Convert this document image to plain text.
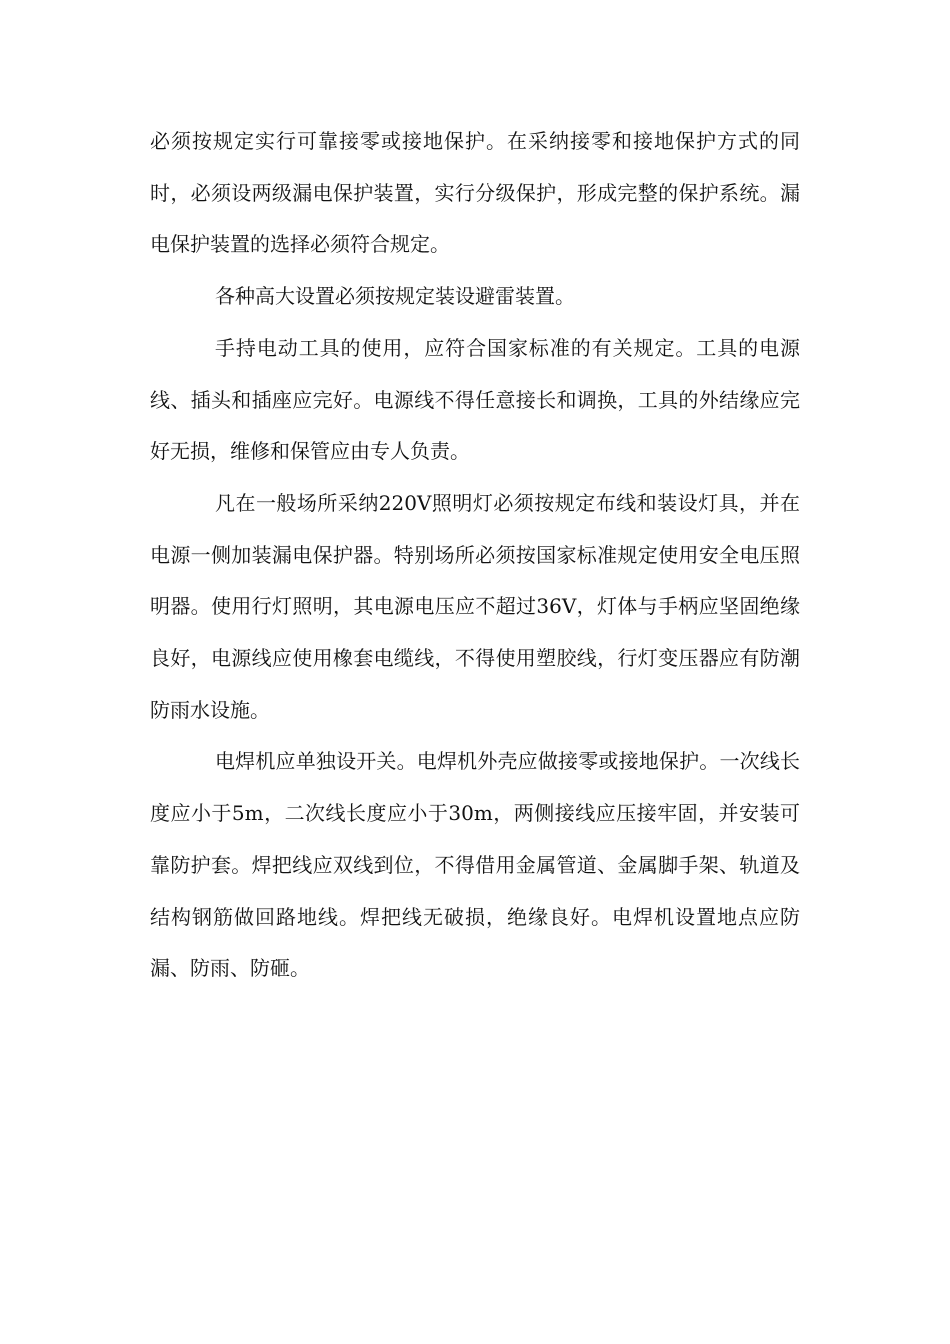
必须按规定实行可靠接零或接地保护。在采纳接零和接地保护方式的同时，必须设两级漏电保护装置，实行分级保护，形成完整的保护系统。漏电保护装置的选择必须符合规定。

各种高大设置必须按规定装设避雷装置。

手持电动工具的使用，应符合国家标准的有关规定。工具的电源线、插头和插座应完好。电源线不得任意接长和调换，工具的外结缘应完好无损，维修和保管应由专人负责。

凡在一般场所采纳220V照明灯必须按规定布线和装设灯具，并在电源一侧加装漏电保护器。特别场所必须按国家标准规定使用安全电压照明器。使用行灯照明，其电源电压应不超过36V，灯体与手柄应坚固绝缘良好，电源线应使用橡套电缆线，不得使用塑胶线，行灯变压器应有防潮防雨水设施。

电焊机应单独设开关。电焊机外壳应做接零或接地保护。一次线长度应小于5m，二次线长度应小于30m，两侧接线应压接牢固，并安装可靠防护套。焊把线应双线到位，不得借用金属管道、金属脚手架、轨道及结构钢筋做回路地线。焊把线无破损，绝缘良好。电焊机设置地点应防漏、防雨、防砸。
